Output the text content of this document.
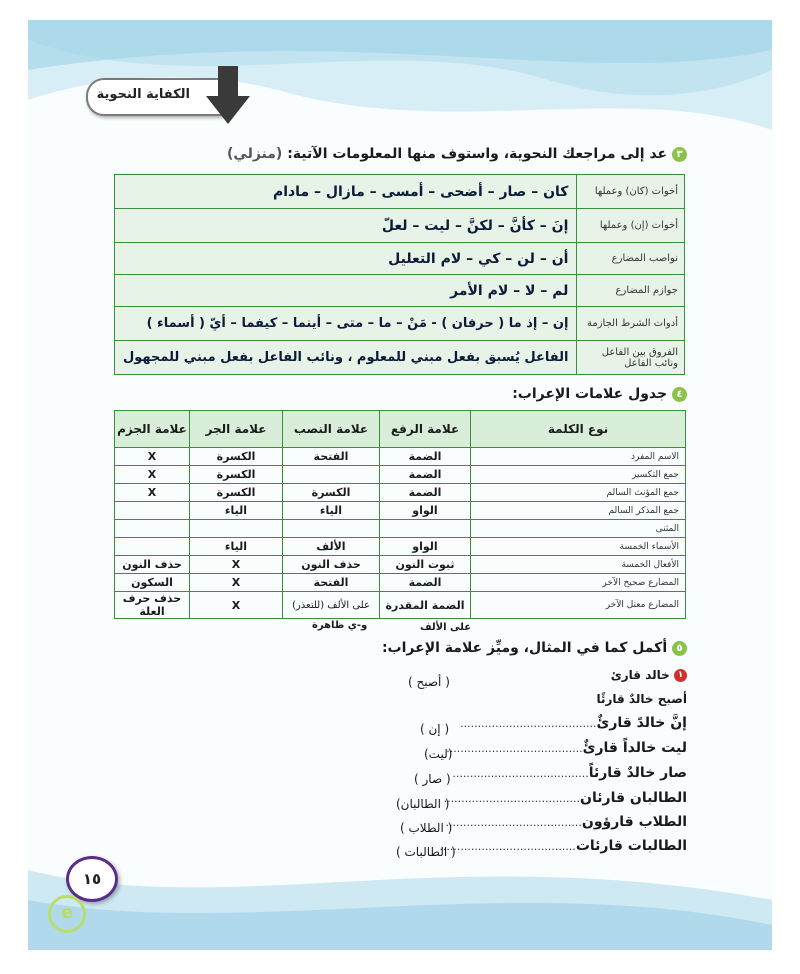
الكفاية النحوية
٣ عد إلى مراجعك النحوية، واستوف منها المعلومات الآتية: (منزلي)
أخوات (كان) وعملها	كان – صار – أضحى – أمسى – مازال – مادام
أخوات (إن) وعملها	إنَ – كأنَّ – لكنَّ – ليت – لعلّ
نواصب المضارع	أن – لن – كي – لام التعليل
جوازم المضارع	لم – لا – لام الأمر
أدوات الشرط الجازمة	إن – إذ ما ( حرفان ) - مَنْ – ما – متى – أينما – كيفما – أيّ ( أسماء )
الفروق بين الفاعل ونائب الفاعل	الفاعل يُسبق بفعل مبني للمعلوم ، ونائب الفاعل بفعل مبني للمجهول
٤ جدول علامات الإعراب:
نوع الكلمة	علامة الرفع	علامة النصب	علامة الجر	علامة الجزم
الاسم المفرد	الضمة	الفتحة	الكسرة	X
جمع التكسير	الضمة		الكسرة	X
جمع المؤنث السالم	الضمة	الكسرة	الكسرة	X
جمع المذكر السالم	الواو	الياء	الياء	
المثنى				
الأسماء الخمسة	الواو	الألف	الياء	
الأفعال الخمسة	ثبوت النون	حذف النون	X	حذف النون
المضارع صحيح الآخر	الضمة	الفتحة	X	السكون
المضارع معتل الآخر	الضمة المقدرة	على الألف (للتعذر)	X	حذف حرف العلة
على الألف
و-ي ظاهرة
٥ أكمل كما في المثال، وميِّز علامة الإعراب:
١ خالد قارئ
( أصبح )
أصبح خالدٌ قارئًا
إنَّ خالدً قارئٌ.......................................
( إن )
ليت خالداً قارئٌ.......................................
(ليت)
صار خالدٌ قارئاً.......................................
( صار )
الطالبان قارئان.......................................
( الطالبان)
الطلاب قارؤون.......................................
( الطلاب )
الطالبات قارئات.......................................
( الطالبات )
١٥
e
